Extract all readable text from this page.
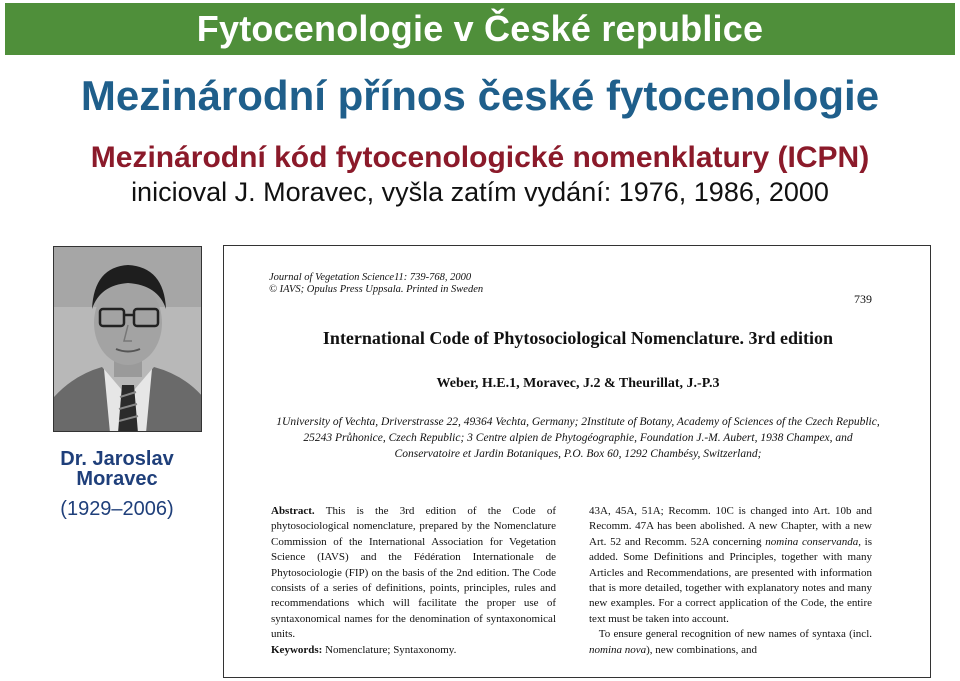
Fytocenologie v České republice
Mezinárodní přínos české fytocenologie
Mezinárodní kód fytocenologické nomenklatury (ICPN)
inicioval J. Moravec, vyšla zatím vydání: 1976, 1986, 2000
Dr. Jaroslav
Moravec
(1929–2006)
Journal of Vegetation Science11: 739-768, 2000
© IAVS; Opulus Press Uppsala. Printed in Sweden
739
International Code of Phytosociological Nomenclature. 3rd edition
Weber, H.E.1, Moravec, J.2 & Theurillat, J.-P.3
1University of Vechta, Driverstrasse 22, 49364 Vechta, Germany; 2Institute of Botany, Academy of Sciences of the Czech Republic, 25243 Průhonice, Czech Republic; 3 Centre alpien de Phytogéographie, Foundation J.-M. Aubert, 1938 Champex, and Conservatoire et Jardin Botaniques, P.O. Box 60, 1292 Chambésy, Switzerland;
Abstract. This is the 3rd edition of the Code of phytosociological nomenclature, prepared by the Nomenclature Commission of the International Association for Vegetation Science (IAVS) and the Fédération Internationale de Phytosociologie (FIP) on the basis of the 2nd edition. The Code consists of a series of definitions, points, principles, rules and recommendations which will facilitate the proper use of syntaxonomical names for the denomination of syntaxonomical units.
Keywords: Nomenclature; Syntaxonomy.
43A, 45A, 51A; Recomm. 10C is changed into Art. 10b and Recomm. 47A has been abolished. A new Chapter, with a new Art. 52 and Recomm. 52A concerning nomina conservanda, is added. Some Definitions and Principles, together with many Articles and Recommendations, are presented with information that is more detailed, together with explanatory notes and many new examples. For a correct application of the Code, the entire text must be taken into account.
To ensure general recognition of new names of syntaxa (incl. nomina nova), new combinations, and
